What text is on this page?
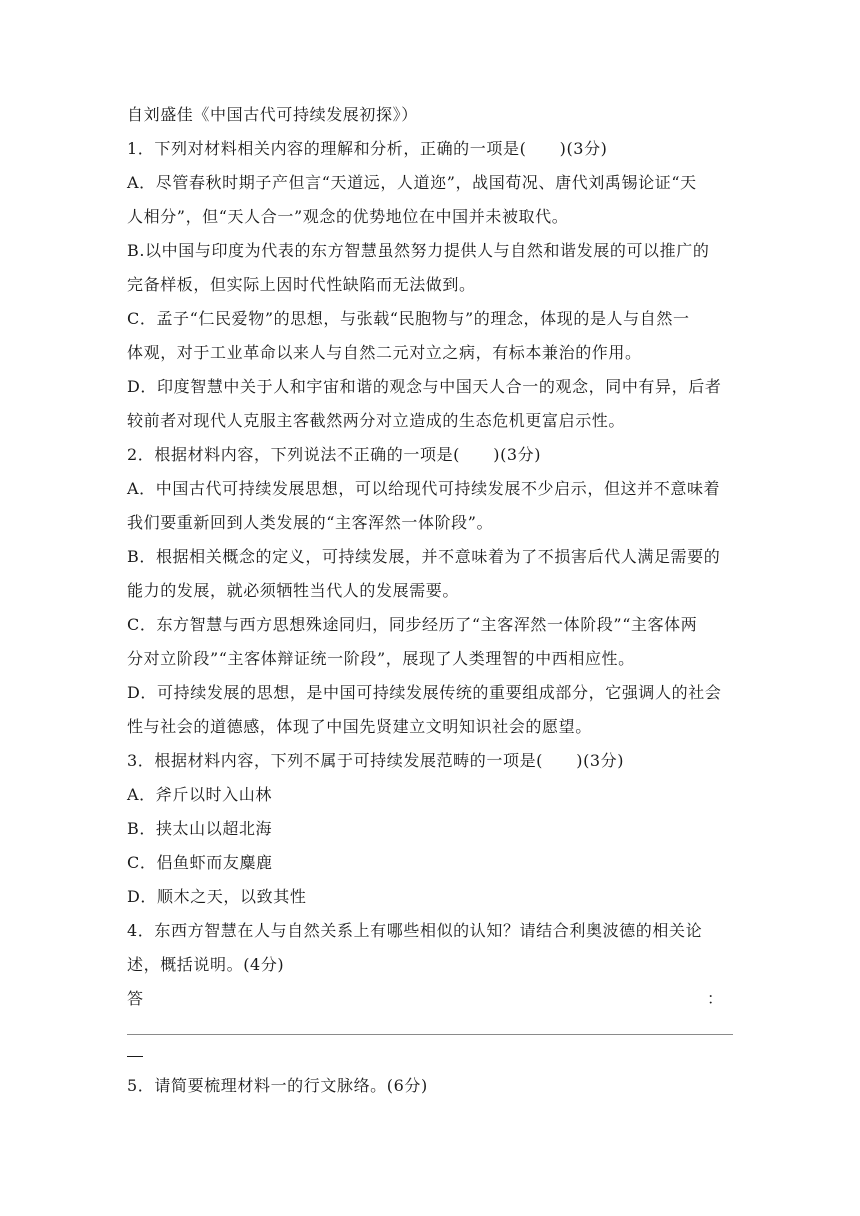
自刘盛佳《中国古代可持续发展初探》）
1．下列对材料相关内容的理解和分析，正确的一项是(　　)(3分)
A．尽管春秋时期子产但言“天道远，人道迩”，战国荀况、唐代刘禹锡论证“天
人相分”，但“天人合一”观念的优势地位在中国并未被取代。
B.以中国与印度为代表的东方智慧虽然努力提供人与自然和谐发展的可以推广的
完备样板，但实际上因时代性缺陷而无法做到。
C．孟子“仁民爱物”的思想，与张载“民胞物与”的理念，体现的是人与自然一
体观，对于工业革命以来人与自然二元对立之病，有标本兼治的作用。
D．印度智慧中关于人和宇宙和谐的观念与中国天人合一的观念，同中有异，后者
较前者对现代人克服主客截然两分对立造成的生态危机更富启示性。
2．根据材料内容，下列说法不正确的一项是(　　)(3分)
A．中国古代可持续发展思想，可以给现代可持续发展不少启示，但这并不意味着
我们要重新回到人类发展的“主客浑然一体阶段”。
B．根据相关概念的定义，可持续发展，并不意味着为了不损害后代人满足需要的
能力的发展，就必须牺牲当代人的发展需要。
C．东方智慧与西方思想殊途同归，同步经历了“主客浑然一体阶段”“主客体两
分对立阶段”“主客体辩证统一阶段”，展现了人类理智的中西相应性。
D．可持续发展的思想，是中国可持续发展传统的重要组成部分，它强调人的社会
性与社会的道德感，体现了中国先贤建立文明知识社会的愿望。
3．根据材料内容，下列不属于可持续发展范畴的一项是(　　)(3分)
A．斧斤以时入山林
B．挟太山以超北海
C．侣鱼虾而友麋鹿
D．顺木之天，以致其性
4．东西方智慧在人与自然关系上有哪些相似的认知？请结合利奥波德的相关论
述，概括说明。(4分)
答	：
5．请简要梳理材料一的行文脉络。(6分)
